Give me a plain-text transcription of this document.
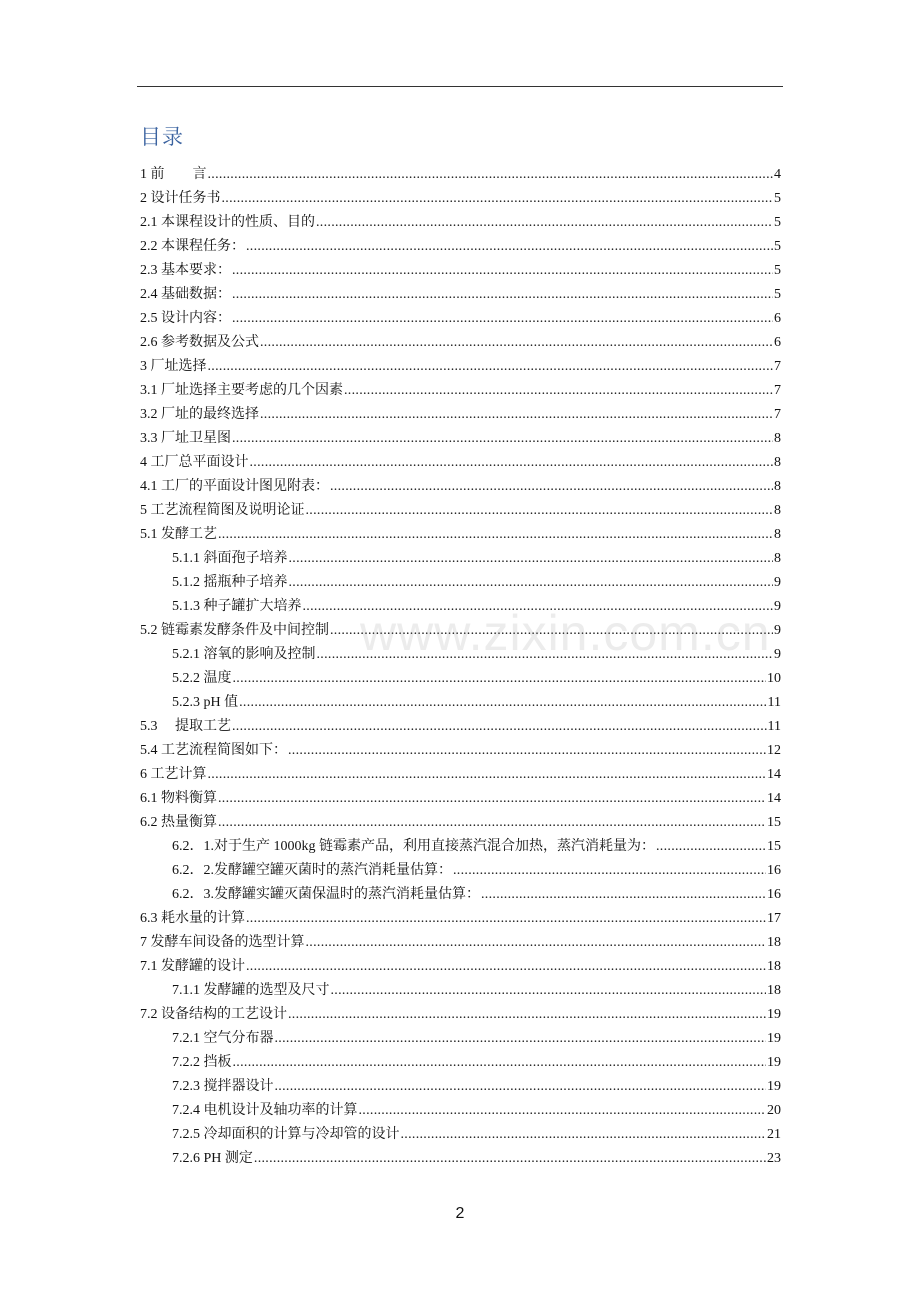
目录
1 前　　言 .....	4
2 设计任务书 .....	5
2.1 本课程设计的性质、目的 .....	5
2.2 本课程任务： .....	5
2.3 基本要求： .....	5
2.4 基础数据： .....	5
2.5 设计内容： .....	6
2.6 参考数据及公式 .....	6
3 厂址选择 .....	7
3.1 厂址选择主要考虑的几个因素 .....	7
3.2 厂址的最终选择 .....	7
3.3 厂址卫星图 .....	8
4 工厂总平面设计 .....	8
4.1 工厂的平面设计图见附表： .....	8
5 工艺流程简图及说明论证 .....	8
5.1 发酵工艺 .....	8
5.1.1 斜面孢子培养 .....	8
5.1.2 摇瓶种子培养 .....	9
5.1.3 种子罐扩大培养 .....	9
5.2 链霉素发酵条件及中间控制 .....	9
5.2.1 溶氧的影响及控制 .....	9
5.2.2 温度 .....	10
5.2.3 pH 值 .....	11
5.3　 提取工艺 .....	11
5.4 工艺流程简图如下： .....	12
6 工艺计算 .....	14
6.1 物料衡算 .....	14
6.2 热量衡算 .....	15
6.2．1.对于生产 1000kg 链霉素产品，利用直接蒸汽混合加热，蒸汽消耗量为： .....	15
6.2．2.发酵罐空罐灭菌时的蒸汽消耗量估算： .....	16
6.2．3.发酵罐实罐灭菌保温时的蒸汽消耗量估算： .....	16
6.3 耗水量的计算 .....	17
7 发酵车间设备的选型计算 .....	18
7.1 发酵罐的设计 .....	18
7.1.1 发酵罐的选型及尺寸 .....	18
7.2 设备结构的工艺设计 .....	19
7.2.1 空气分布器 .....	19
7.2.2 挡板 .....	19
7.2.3 搅拌器设计 .....	19
7.2.4 电机设计及轴功率的计算 .....	20
7.2.5 冷却面积的计算与冷却管的设计 .....	21
7.2.6 PH 测定 .....	23
www.zixin.com.cn
2
